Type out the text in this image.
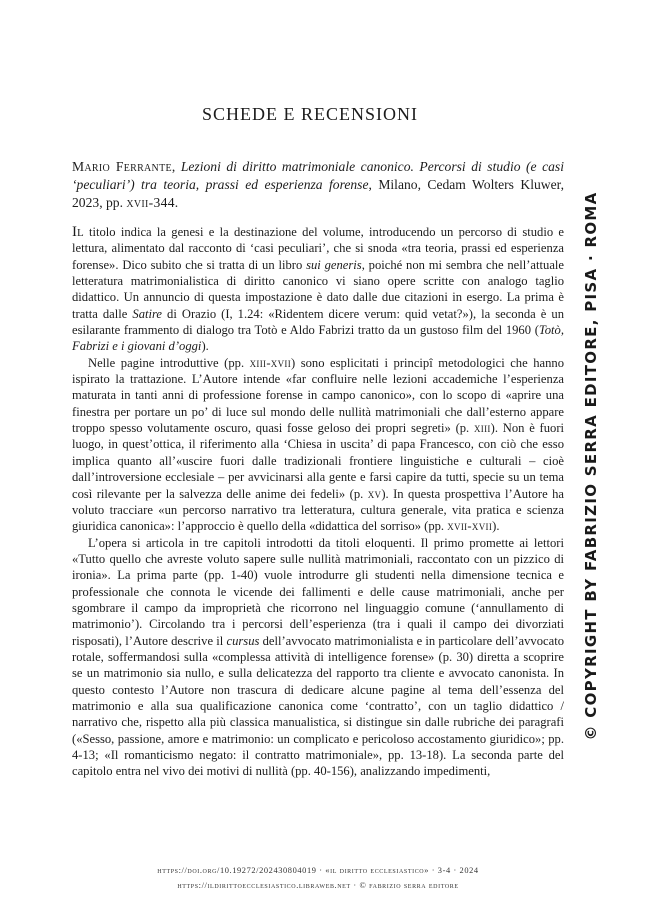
SCHEDE E RECENSIONI
Mario Ferrante, Lezioni di diritto matrimoniale canonico. Percorsi di studio (e casi ‘peculiari’) tra teoria, prassi ed esperienza forense, Milano, Cedam Wolters Kluwer, 2023, pp. xvii-344.

Il titolo indica la genesi e la destinazione del volume, introducendo un percorso di studio e lettura, alimentato dal racconto di ‘casi peculiari’, che si snoda «tra teoria, prassi ed esperienza forense». Dico subito che si tratta di un libro sui generis, poiché non mi sembra che nell’attuale letteratura matrimonialistica di diritto canonico vi siano opere scritte con analogo taglio didattico. Un annuncio di questa impostazione è dato dalle due citazioni in esergo. La prima è tratta dalle Satire di Orazio (I, 1.24: «Ridentem dicere verum: quid vetat?»), la seconda è un esilarante frammento di dialogo tra Totò e Aldo Fabrizi tratto da un gustoso film del 1960 (Totò, Fabrizi e i giovani d’oggi).

Nelle pagine introduttive (pp. xiii-xvii) sono esplicitati i principî metodologici che hanno ispirato la trattazione. L’Autore intende «far confluire nelle lezioni accademiche l’esperienza maturata in tanti anni di professione forense in campo canonico», con lo scopo di «aprire una finestra per portare un po’ di luce sul mondo delle nullità matrimoniali che dall’esterno appare troppo spesso volutamente oscuro, quasi fosse geloso dei propri segreti» (p. xiii). Non è fuori luogo, in quest’ottica, il riferimento alla ‘Chiesa in uscita’ di papa Francesco, con ciò che esso implica quanto all’«uscire fuori dalle tradizionali frontiere linguistiche e culturali – cioè dall’introversione ecclesiale – per avvicinarsi alla gente e farsi capire da tutti, specie su un tema così rilevante per la salvezza delle anime dei fedeli» (p. xv). In questa prospettiva l’Autore ha voluto tracciare «un percorso narrativo tra letteratura, cultura generale, vita pratica e scienza giuridica canonica»: l’approccio è quello della «didattica del sorriso» (pp. xvii-xvii).

L’opera si articola in tre capitoli introdotti da titoli eloquenti. Il primo promette ai lettori «Tutto quello che avreste voluto sapere sulle nullità matrimoniali, raccontato con un pizzico di ironia». La prima parte (pp. 1-40) vuole introdurre gli studenti nella dimensione tecnica e professionale che connota le vicende dei fallimenti e delle cause matrimoniali, anche per sgombrare il campo da improprietà che ricorrono nel linguaggio comune (‘annullamento di matrimonio’). Circolando tra i percorsi dell’esperienza (tra i quali il campo dei divorziati risposati), l’Autore descrive il cursus dell’avvocato matrimonialista e in particolare dell’avvocato rotale, soffermandosi sulla «complessa attività di intelligence forense» (p. 30) diretta a scoprire se un matrimonio sia nullo, e sulla delicatezza del rapporto tra cliente e avvocato canonista. In questo contesto l’Autore non trascura di dedicare alcune pagine al tema dell’essenza del matrimonio e alla sua qualificazione canonica come ‘contratto’, con un taglio didattico / narrativo che, rispetto alla più classica manualistica, si distingue sin dalle rubriche dei paragrafi («Sesso, passione, amore e matrimonio: un complicato e pericoloso accostamento giuridico»; pp. 4-13; «Il romanticismo negato: il contratto matrimoniale», pp. 13-18). La seconda parte del capitolo entra nel vivo dei motivi di nullità (pp. 40-156), analizzando impedimenti,

https://doi.org/10.19272/202430804019 · «il diritto ecclesiastico» · 3-4 · 2024
https://ildirittoecclesiastico.libraweb.net · © fabrizio serra editore
© COPYRIGHT BY FABRIZIO SERRA EDITORE, PISA · ROMA
